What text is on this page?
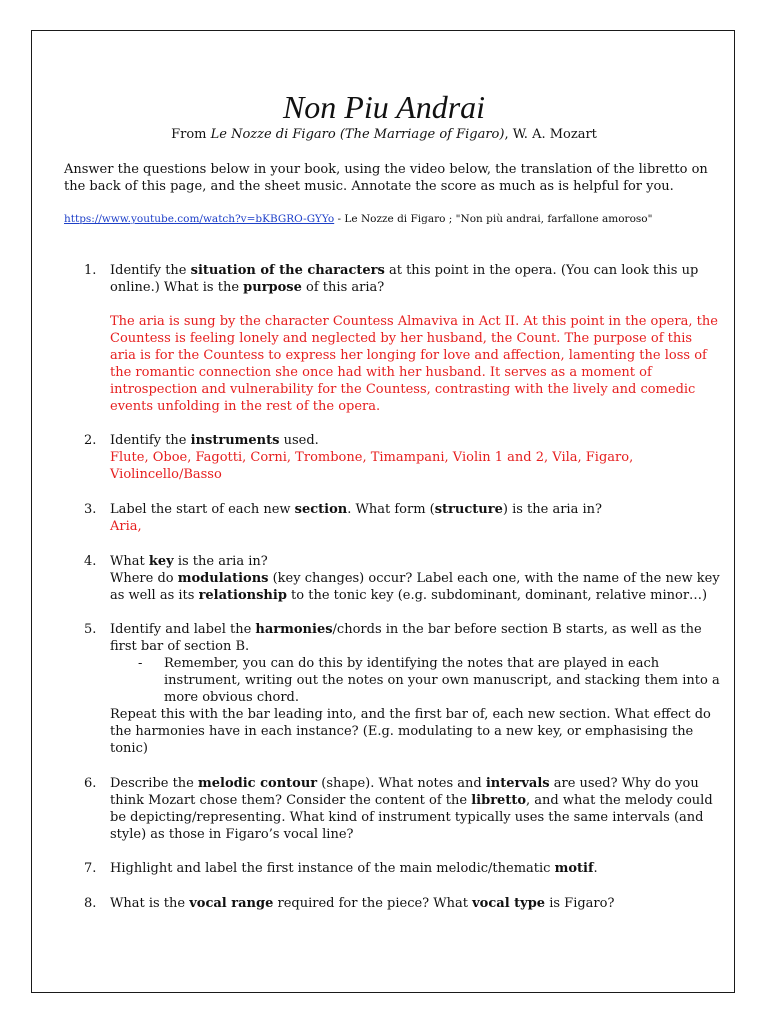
Non Piu Andrai
From Le Nozze di Figaro (The Marriage of Figaro), W. A. Mozart
Answer the questions below in your book, using the video below, the translation of the libretto on the back of this page, and the sheet music. Annotate the score as much as is helpful for you.
https://www.youtube.com/watch?v=bKBGRO-GYYo - Le Nozze di Figaro ; "Non più andrai, farfallone amoroso"
1.	Identify the situation of the characters at this point in the opera. (You can look this up online.) What is the purpose of this aria?
The aria is sung by the character Countess Almaviva in Act II. At this point in the opera, the Countess is feeling lonely and neglected by her husband, the Count. The purpose of this aria is for the Countess to express her longing for love and affection, lamenting the loss of the romantic connection she once had with her husband. It serves as a moment of introspection and vulnerability for the Countess, contrasting with the lively and comedic events unfolding in the rest of the opera.
2.	Identify the instruments used.
Flute, Oboe, Fagotti, Corni, Trombone, Timampani, Violin 1 and 2, Vila, Figaro, Violincello/Basso
3.	Label the start of each new section. What form (structure) is the aria in?
Aria,
4.	What key is the aria in?
Where do modulations (key changes) occur? Label each one, with the name of the new key as well as its relationship to the tonic key (e.g. subdominant, dominant, relative minor…)
5.	Identify and label the harmonies/chords in the bar before section B starts, as well as the first bar of section B.
- Remember, you can do this by identifying the notes that are played in each instrument, writing out the notes on your own manuscript, and stacking them into a more obvious chord.
Repeat this with the bar leading into, and the first bar of, each new section. What effect do the harmonies have in each instance? (E.g. modulating to a new key, or emphasising the tonic)
6.	Describe the melodic contour (shape). What notes and intervals are used? Why do you think Mozart chose them? Consider the content of the libretto, and what the melody could be depicting/representing. What kind of instrument typically uses the same intervals (and style) as those in Figaro’s vocal line?
7.	Highlight and label the first instance of the main melodic/thematic motif.
8.	What is the vocal range required for the piece? What vocal type is Figaro?
